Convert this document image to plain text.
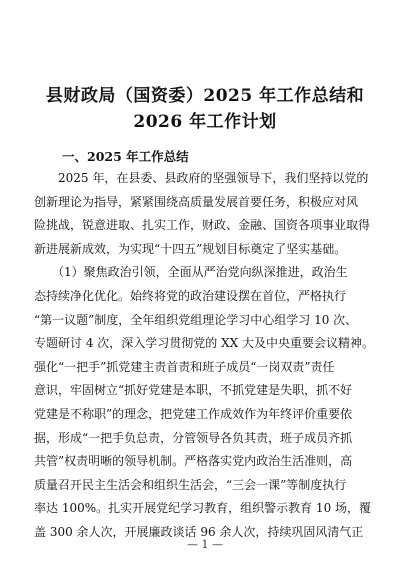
县财政局（国资委）2025 年工作总结和
2026 年工作计划
一、2025 年工作总结
　　2025 年，在县委、县政府的坚强领导下，我们坚持以党的
创新理论为指导，紧紧围绕高质量发展首要任务，积极应对风
险挑战，锐意进取、扎实工作，财政、金融、国资各项事业取得
新进展新成效，为实现“十四五”规划目标奠定了坚实基础。
　　（1）聚焦政治引领，全面从严治党向纵深推进，政治生
态持续净化优化。始终将党的政治建设摆在首位，严格执行
“第一议题”制度，全年组织党组理论学习中心组学习 10 次、
专题研讨 4 次，深入学习贯彻党的 XX 大及中央重要会议精神。
强化“一把手”抓党建主责首责和班子成员“一岗双责”责任
意识，牢固树立“抓好党建是本职，不抓党建是失职，抓不好
党建是不称职”的理念，把党建工作成效作为年终评价重要依
据，形成“一把手负总责，分管领导各负其责，班子成员齐抓
共管”权责明晰的领导机制。严格落实党内政治生活准则，高
质量召开民主生活会和组织生活会，“三会一课”等制度执行
率达 100%。扎实开展党纪学习教育，组织警示教育 10 场，覆
盖 300 余人次，开展廉政谈话 96 余人次，持续巩固风清气正
— 1 —
